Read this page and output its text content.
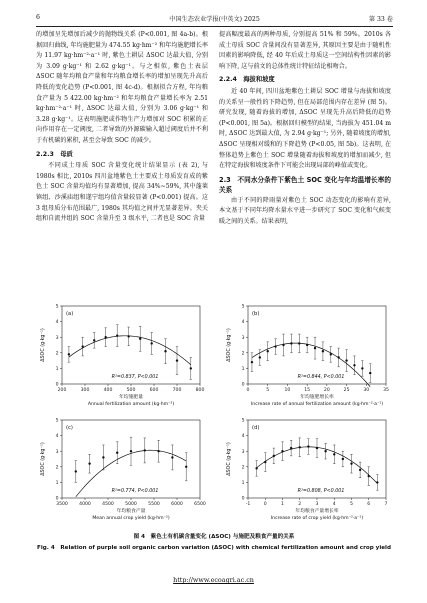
6	中国生态农业学报(中英文) 2025	第 33 卷

的增加呈先增加后减少的抛物线关系 (P<0.001, 图 4a-b)。根据回归曲线, 年均施肥量为 474.55 kg·hm⁻² 和年均施肥增长率为 11.97 kg·hm⁻²·a⁻¹ 时, 紫色土耕层 ΔSOC 达最大值, 分别为 3.09 g·kg⁻¹ 和 2.62 g·kg⁻¹。与之相似, 紫色土表层 ΔSOC 随年均粮食产量和年均粮食增长率的增加呈现先升高后降低的变化趋势 (P<0.001, 图 4c-d)。根据拟合方程, 年均粮食产量为 5 422.00 kg·hm⁻² 和年均粮食产量增长率为 2.51 kg·hm⁻²·a⁻¹ 时, ΔSOC 达最大值, 分别为 3.06 g·kg⁻¹ 和 3.28 g·kg⁻¹。这表明施肥或作物生产力增加对 SOC 积累的正向作用存在一定阈度, 二者导致的外源碳输入超过阈度后并不利于有机碳的累积, 甚至会导致 SOC 的减少。

2.2.3　母质

不同成土母质 SOC 含量变化统计结果显示 (表 2), 与 1980s 相比, 2010s 四川盆地紫色土主要成土母质发育成的紫色土 SOC 含量均值均有显著增加, 提高 34%~59%, 其中蓬莱镇组、沙溪庙组和遂宁组均值含量较显著 (P<0.001) 提高。这 3 组母质分布范围最广, 1980s 其均值之间并无显著差异。夹关组和自流井组的 SOC 含量升至 3 级水平, 二者也是 SOC 含量

提高幅度最高的两种母质, 分别提高 51% 和 59%。2010s 各成土母质 SOC 含量间没有显著差异, 其原因主要是由于随机性因素的影响降低, 经 40 年后成土母质这一空间结构性因素的影响下降, 这与前文的总体性统计特征结论相吻合。

2.2.4　海拔和坡度

近 40 年间, 四川盆地紫色土耕层 SOC 增量与海拔和坡度的关系呈一般性的下降趋势, 但在局部范围内存在差异 (图 5)。研究发现, 随着海拔的增加, ΔSOC 呈现先升高后降低的趋势 (P<0.001, 图 5a)。根据回归模型的结果, 当海拔为 451.04 m 时, ΔSOC 达到最大值, 为 2.94 g·kg⁻¹; 另外, 随着坡度的增加, ΔSOC 呈现相对缓和的下降趋势 (P<0.05, 图 5b)。这表明, 在整体趋势上紫色土 SOC 增量随着海拔和坡度的增加而减少, 但在特定海拔和坡度条件下可能会出现局部的峰值或变化。

2.3　不同水分条件下紫色土 SOC 变化与年均温增长率的关系

由于不同的降雨量对紫色土 SOC 动态变化的影响有差异, 本文基于不同年均降水量水平进一步研究了 SOC 变化和气候变暖之间的关系。结果表明,

200	300	400	500	600	700	800
0
1
2
3
4
5
(a)
R²=0.837, P<0.001
年均施肥量
Annual fertilization amount (kg·hm⁻²)
ΔSOC (g·kg⁻¹)
0	5	10	15	20	25	30	35
0
1
2
3
4
5
(b)
R²=0.844, P<0.001
年均施肥增长率
Increase rate of annual fertilization amount (kg·hm⁻²·a⁻¹)
ΔSOC (g·kg⁻¹)
3500 4000 4500 5000 5500 6000 6500
0
1
2
3
4
5
(c)
R²=0.774, P<0.001
年均粮食产量
Mean annual crop yield (kg·hm⁻²)
ΔSOC (g·kg⁻¹)
-1	0	1	2	3	4	5	6	7
0
1
2
3
4
5
(d)
R²=0.808, P<0.001
年均粮食产量增长率
Increase rate of crop yield (kg·hm⁻²·a⁻¹)
ΔSOC (g·kg⁻¹)
图 4　紫色土有机碳含量变化 (ΔSOC) 与施肥及粮食产量的关系
Fig. 4　Relation of purple soil organic carbon variation (ΔSOC) with chemical fertilization amount and crop yield
http://www.ecoagri.ac.cn
